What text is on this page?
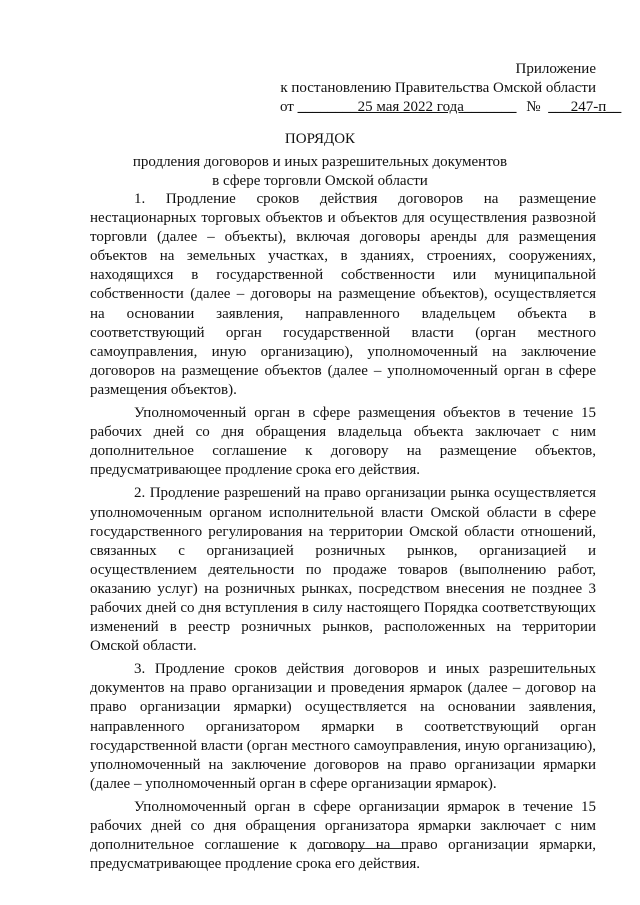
Приложение
к постановлению Правительства Омской области
от ________25 мая 2022 года_______ № ___247-п__
ПОРЯДОК
продления договоров и иных разрешительных документов
в сфере торговли Омской области

1. Продление сроков действия договоров на размещение нестационарных торговых объектов и объектов для осуществления развозной торговли (далее – объекты), включая договоры аренды для размещения объектов на земельных участках, в зданиях, строениях, сооружениях, находящихся в государственной собственности или муниципальной собственности (далее – договоры на размещение объектов), осуществляется на основании заявления, направленного владельцем объекта в соответствующий орган государственной власти (орган местного самоуправления, иную организацию), уполномоченный на заключение договоров на размещение объектов (далее – уполномоченный орган в сфере размещения объектов).

Уполномоченный орган в сфере размещения объектов в течение 15 рабочих дней со дня обращения владельца объекта заключает с ним дополнительное соглашение к договору на размещение объектов, предусматривающее продление срока его действия.

2. Продление разрешений на право организации рынка осуществляется уполномоченным органом исполнительной власти Омской области в сфере государственного регулирования на территории Омской области отношений, связанных с организацией розничных рынков, организацией и осуществлением деятельности по продаже товаров (выполнению работ, оказанию услуг) на розничных рынках, посредством внесения не позднее 3 рабочих дней со дня вступления в силу настоящего Порядка соответствующих изменений в реестр розничных рынков, расположенных на территории Омской области.

3. Продление сроков действия договоров и иных разрешительных документов на право организации и проведения ярмарок (далее – договор на право организации ярмарки) осуществляется на основании заявления, направленного организатором ярмарки в соответствующий орган государственной власти (орган местного самоуправления, иную организацию), уполномоченный на заключение договоров на право организации ярмарки (далее – уполномоченный орган в сфере организации ярмарок).

Уполномоченный орган в сфере организации ярмарок в течение 15 рабочих дней со дня обращения организатора ярмарки заключает с ним дополнительное соглашение к договору на право организации ярмарки, предусматривающее продление срока его действия.
